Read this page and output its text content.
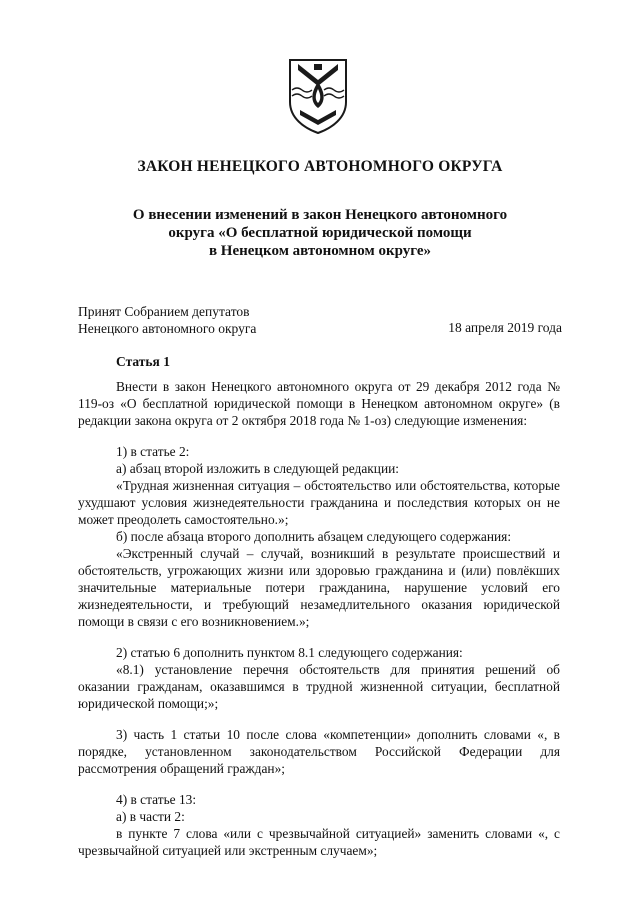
ЗАКОН НЕНЕЦКОГО АВТОНОМНОГО ОКРУГА
О внесении изменений в закон Ненецкого автономного
округа «О бесплатной юридической помощи
в Ненецком автономном округе»
Принят Собранием депутатов
Ненецкого автономного округа	18 апреля 2019 года
Статья 1

Внести в закон Ненецкого автономного округа от 29 декабря 2012 года № 119-оз «О бесплатной юридической помощи в Ненецком автономном округе» (в редакции закона округа от 2 октября 2018 года № 1-оз) следующие изменения:

1) в статье 2:

а) абзац второй изложить в следующей редакции:

«Трудная жизненная ситуация – обстоятельство или обстоятельства, которые ухудшают условия жизнедеятельности гражданина и последствия которых он не может преодолеть самостоятельно.»;

б) после абзаца второго дополнить абзацем следующего содержания:

«Экстренный случай – случай, возникший в результате происшествий и обстоятельств, угрожающих жизни или здоровью гражданина и (или) повлёкших значительные материальные потери гражданина, нарушение условий его жизнедеятельности, и требующий незамедлительного оказания юридической помощи в связи с его возникновением.»;

2) статью 6 дополнить пунктом 8.1 следующего содержания:

«8.1) установление перечня обстоятельств для принятия решений об оказании гражданам, оказавшимся в трудной жизненной ситуации, бесплатной юридической помощи;»;

3) часть 1 статьи 10 после слова «компетенции» дополнить словами «, в порядке, установленном законодательством Российской Федерации для рассмотрения обращений граждан»;

4) в статье 13:

а) в части 2:

в пункте 7 слова «или с чрезвычайной ситуацией» заменить словами «, с чрезвычайной ситуацией или экстренным случаем»;
